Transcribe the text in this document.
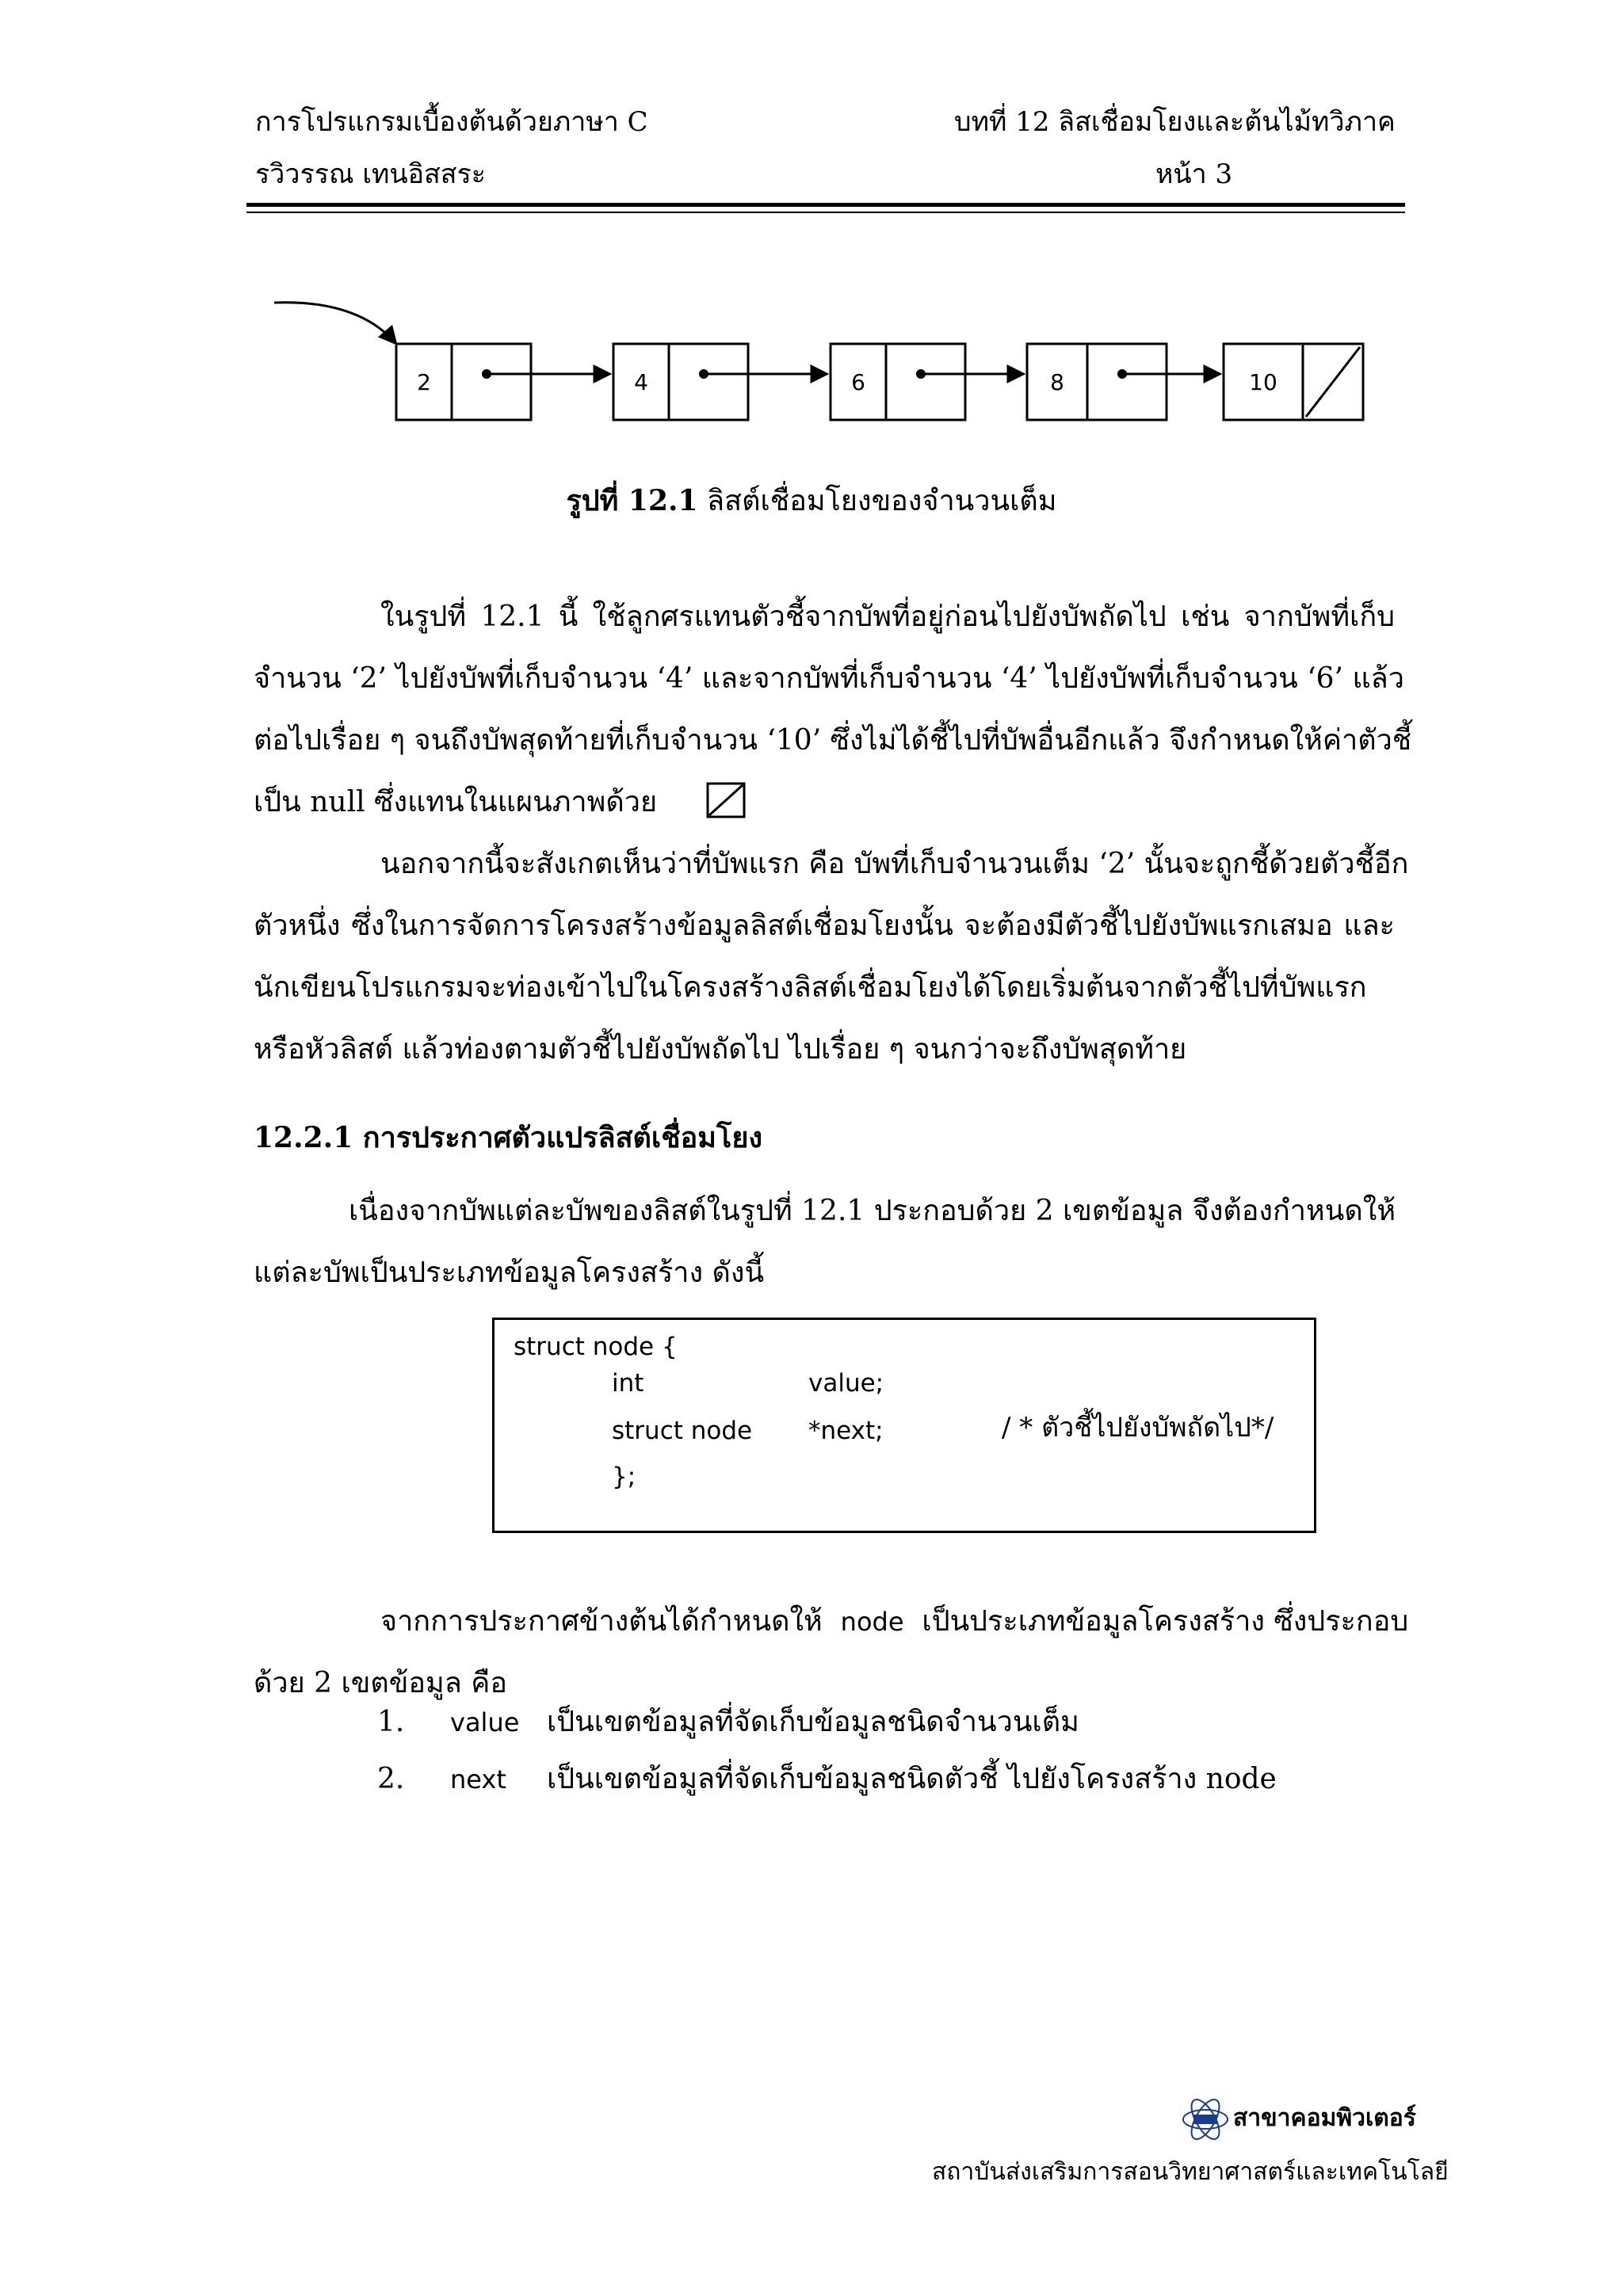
การโปรแกรมเบื้องต้นด้วยภาษา C	บทที่ 12 ลิสเชื่อมโยงและต้นไม้ทวิภาค
รวิวรรณ เทนอิสสระ	หน้า 3
2	4	6	8	10
รูปที่ 12.1 ลิสต์เชื่อมโยงของจำนวนเต็ม
ในรูปที่ 12.1 นี้ ใช้ลูกศรแทนตัวชี้จากบัพที่อยู่ก่อนไปยังบัพถัดไป เช่น จากบัพที่เก็บ
จำนวน ‘2’ ไปยังบัพที่เก็บจำนวน ‘4’ และจากบัพที่เก็บจำนวน ‘4’ ไปยังบัพที่เก็บจำนวน ‘6’ แล้ว
ต่อไปเรื่อย ๆ จนถึงบัพสุดท้ายที่เก็บจำนวน ‘10’ ซึ่งไม่ได้ชี้ไปที่บัพอื่นอีกแล้ว จึงกำหนดให้ค่าตัวชี้
เป็น null ซึ่งแทนในแผนภาพด้วย
นอกจากนี้จะสังเกตเห็นว่าที่บัพแรก คือ บัพที่เก็บจำนวนเต็ม ‘2’ นั้นจะถูกชี้ด้วยตัวชี้อีก
ตัวหนึ่ง ซึ่งในการจัดการโครงสร้างข้อมูลลิสต์เชื่อมโยงนั้น จะต้องมีตัวชี้ไปยังบัพแรกเสมอ และ
นักเขียนโปรแกรมจะท่องเข้าไปในโครงสร้างลิสต์เชื่อมโยงได้โดยเริ่มต้นจากตัวชี้ไปที่บัพแรก
หรือหัวลิสต์ แล้วท่องตามตัวชี้ไปยังบัพถัดไป ไปเรื่อย ๆ จนกว่าจะถึงบัพสุดท้าย
12.2.1 การประกาศตัวแปรลิสต์เชื่อมโยง
เนื่องจากบัพแต่ละบัพของลิสต์ในรูปที่ 12.1 ประกอบด้วย 2 เขตข้อมูล จึงต้องกำหนดให้
แต่ละบัพเป็นประเภทข้อมูลโครงสร้าง ดังนี้
struct node {
int	value;
struct node *next;	/ * ตัวชี้ไปยังบัพถัดไป*/
};
จากการประกาศข้างต้นได้กำหนดให้ node เป็นประเภทข้อมูลโครงสร้าง ซึ่งประกอบ
ด้วย 2 เขตข้อมูล คือ
1. value เป็นเขตข้อมูลที่จัดเก็บข้อมูลชนิดจำนวนเต็ม
2. next เป็นเขตข้อมูลที่จัดเก็บข้อมูลชนิดตัวชี้ ไปยังโครงสร้าง node
สาขาคอมพิวเตอร์
สถาบันส่งเสริมการสอนวิทยาศาสตร์และเทคโนโลยี
